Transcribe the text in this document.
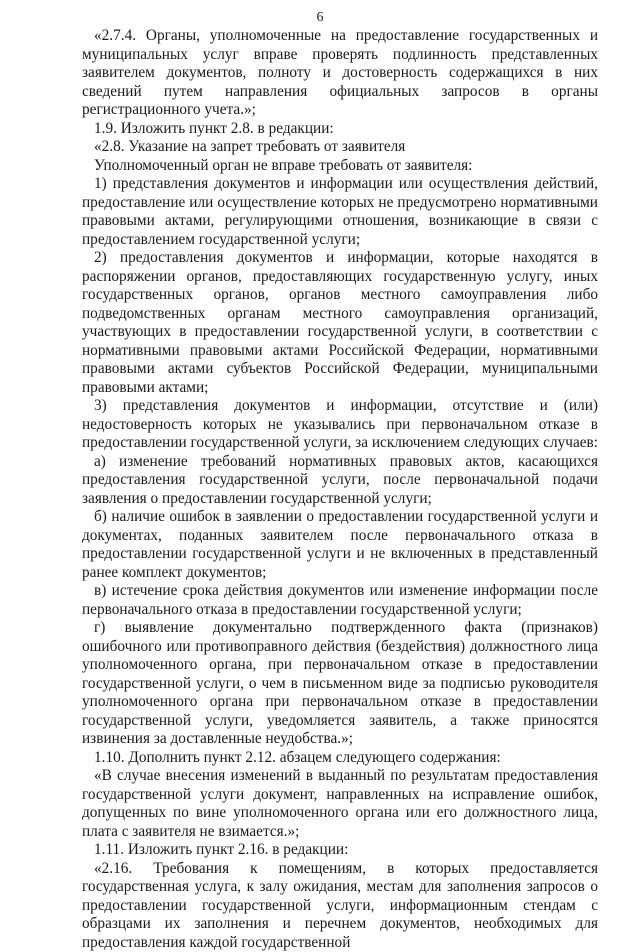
6

«2.7.4. Органы, уполномоченные на предоставление государственных и муниципальных услуг вправе проверять подлинность представленных заявителем документов, полноту и достоверность содержащихся в них сведений путем направления официальных запросов в органы регистрационного учета.»;

1.9. Изложить пункт 2.8. в редакции:

«2.8. Указание на запрет требовать от заявителя

Уполномоченный орган не вправе требовать от заявителя:

1) представления документов и информации или осуществления действий, предоставление или осуществление которых не предусмотрено нормативными правовыми актами, регулирующими отношения, возникающие в связи с предоставлением государственной услуги;

2) предоставления документов и информации, которые находятся в распоряжении органов, предоставляющих государственную услугу, иных государственных органов, органов местного самоуправления либо подведомственных органам местного самоуправления организаций, участвующих в предоставлении государственной услуги, в соответствии с нормативными правовыми актами Российской Федерации, нормативными правовыми актами субъектов Российской Федерации, муниципальными правовыми актами;

3) представления документов и информации, отсутствие и (или) недостоверность которых не указывались при первоначальном отказе в предоставлении государственной услуги, за исключением следующих случаев:

а) изменение требований нормативных правовых актов, касающихся предоставления государственной услуги, после первоначальной подачи заявления о предоставлении государственной услуги;

б) наличие ошибок в заявлении о предоставлении государственной услуги и документах, поданных заявителем после первоначального отказа в предоставлении государственной услуги и не включенных в представленный ранее комплект документов;

в) истечение срока действия документов или изменение информации после первоначального отказа в предоставлении государственной услуги;

г) выявление документально подтвержденного факта (признаков) ошибочного или противоправного действия (бездействия) должностного лица уполномоченного органа, при первоначальном отказе в предоставлении государственной услуги, о чем в письменном виде за подписью руководителя уполномоченного органа при первоначальном отказе в предоставлении государственной услуги, уведомляется заявитель, а также приносятся извинения за доставленные неудобства.»;

1.10. Дополнить пункт 2.12. абзацем следующего содержания:

«В случае внесения изменений в выданный по результатам предоставления государственной услуги документ, направленных на исправление ошибок, допущенных по вине уполномоченного органа или его должностного лица, плата с заявителя не взимается.»;

1.11. Изложить пункт 2.16. в редакции:

«2.16. Требования к помещениям, в которых предоставляется государственная услуга, к залу ожидания, местам для заполнения запросов о предоставлении государственной услуги, информационным стендам с образцами их заполнения и перечнем документов, необходимых для предоставления каждой государственной
